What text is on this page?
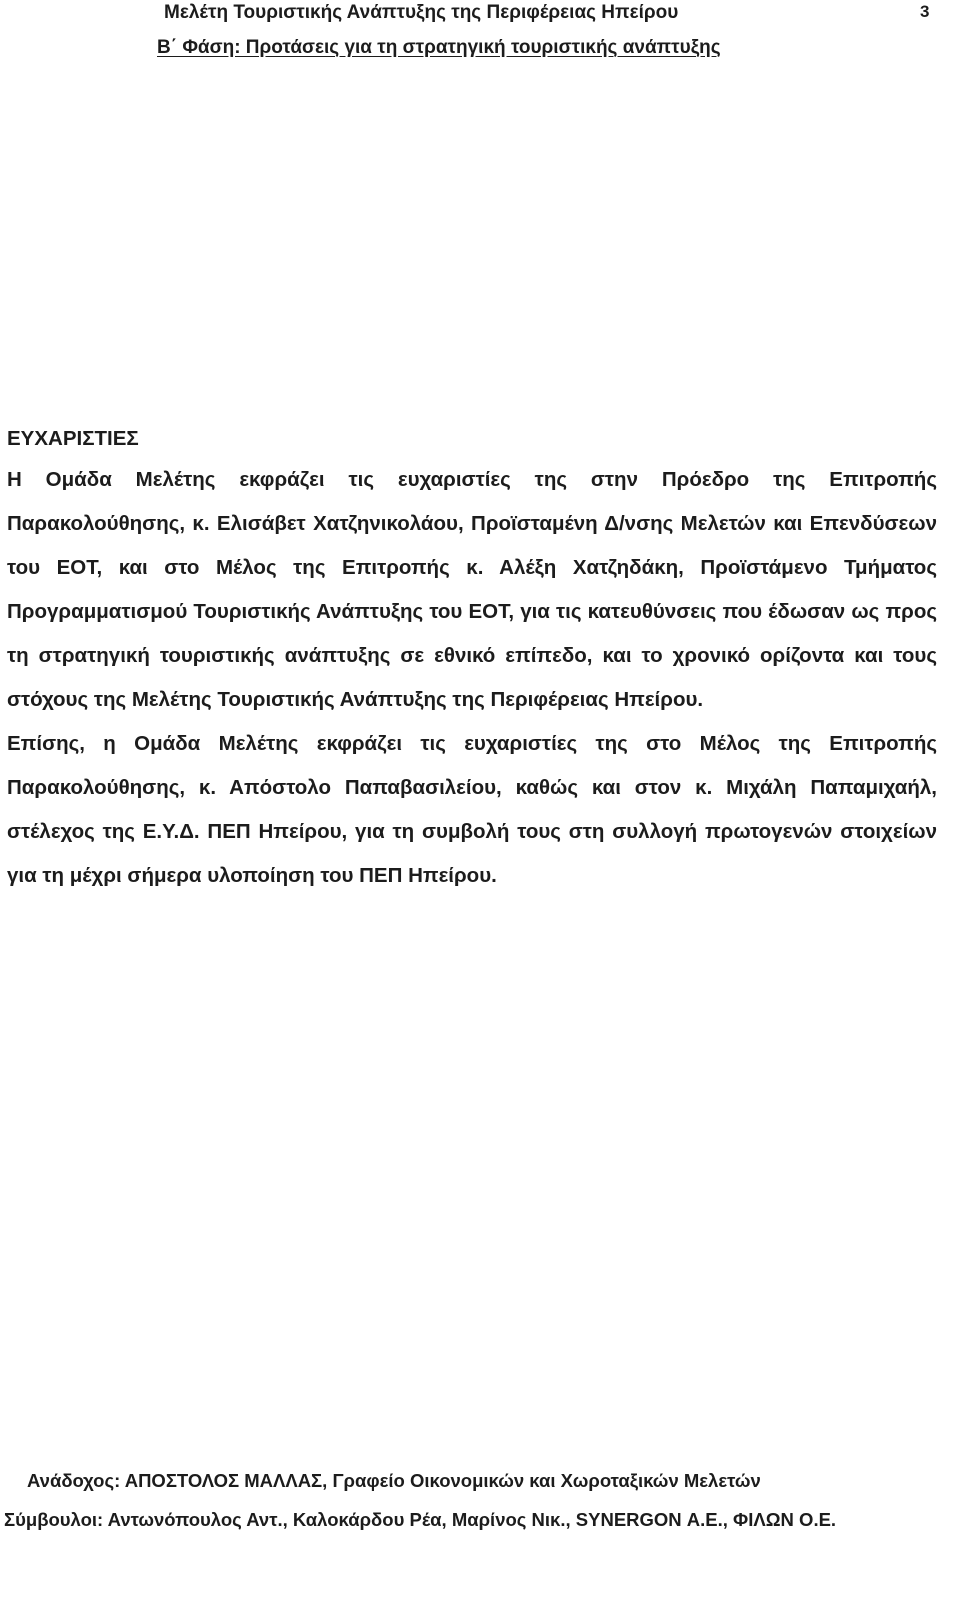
Μελέτη Τουριστικής Ανάπτυξης της Περιφέρειας Ηπείρου	3
Β΄ Φάση: Προτάσεις για τη στρατηγική τουριστικής ανάπτυξης
ΕΥΧΑΡΙΣΤΙΕΣ

Η Ομάδα Μελέτης εκφράζει τις ευχαριστίες της στην Πρόεδρο της Επιτροπής Παρακολούθησης, κ. Ελισάβετ Χατζηνικολάου, Προϊσταμένη Δ/νσης Μελετών και Επενδύσεων του ΕΟΤ, και στο Μέλος της Επιτροπής κ. Αλέξη Χατζηδάκη, Προϊστάμενο Τμήματος Προγραμματισμού Τουριστικής Ανάπτυξης του ΕΟΤ, για τις κατευθύνσεις που έδωσαν ως προς τη στρατηγική τουριστικής ανάπτυξης σε εθνικό επίπεδο, και το χρονικό ορίζοντα και τους στόχους της Μελέτης Τουριστικής Ανάπτυξης της Περιφέρειας Ηπείρου.

Επίσης, η Ομάδα Μελέτης εκφράζει τις ευχαριστίες της στο Μέλος της Επιτροπής Παρακολούθησης, κ. Απόστολο Παπαβασιλείου, καθώς και στον κ. Μιχάλη Παπαμιχαήλ, στέλεχος της Ε.Υ.Δ. ΠΕΠ Ηπείρου, για τη συμβολή τους στη συλλογή πρωτογενών στοιχείων για τη μέχρι σήμερα υλοποίηση του ΠΕΠ Ηπείρου.

Ανάδοχος: ΑΠΟΣΤΟΛΟΣ ΜΑΛΛΑΣ, Γραφείο Οικονομικών και Χωροταξικών Μελετών
Σύμβουλοι: Αντωνόπουλος Αντ., Καλοκάρδου Ρέα, Μαρίνος Νικ., SYNERGON Α.Ε., ΦΙΛΩΝ Ο.Ε.
